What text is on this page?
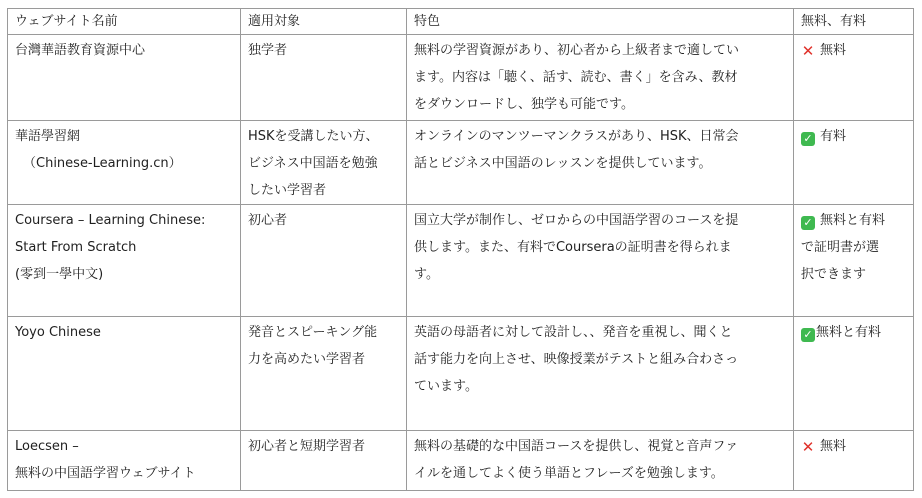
ウェブサイト名前	適用対象	特色	無料、有料

台灣華語教育資源中心	独学者	無料の学習資源があり、初心者から上級者まで適してい
ます。内容は「聴く、話す、読む、書く」を含み、教材
をダウンロードし、独学も可能です。	✕ 無料

華語學習網
（Chinese-Learning.cn）	HSKを受講したい方、
ビジネス中国語を勉強
したい学習者	オンラインのマンツーマンクラスがあり、HSK、日常会
話とビジネス中国語のレッスンを提供しています。	✓ 有料

Coursera – Learning Chinese:
Start From Scratch
(零到一學中文)	初心者	国立大学が制作し、ゼロからの中国語学習のコースを提
供します。また、有料でCourseraの証明書を得られま
す。	✓ 無料と有料
で証明書が選
択できます

Yoyo Chinese	発音とスピーキング能
力を高めたい学習者	英語の母語者に対して設計し、、発音を重視し、聞くと
話す能力を向上させ、映像授業がテストと組み合わさっ
ています。	✓ 無料と有料

Loecsen –
無料の中国語学習ウェブサイト	初心者と短期学習者	無料の基礎的な中国語コースを提供し、視覚と音声ファ
イルを通してよく使う単語とフレーズを勉強します。	✕ 無料
